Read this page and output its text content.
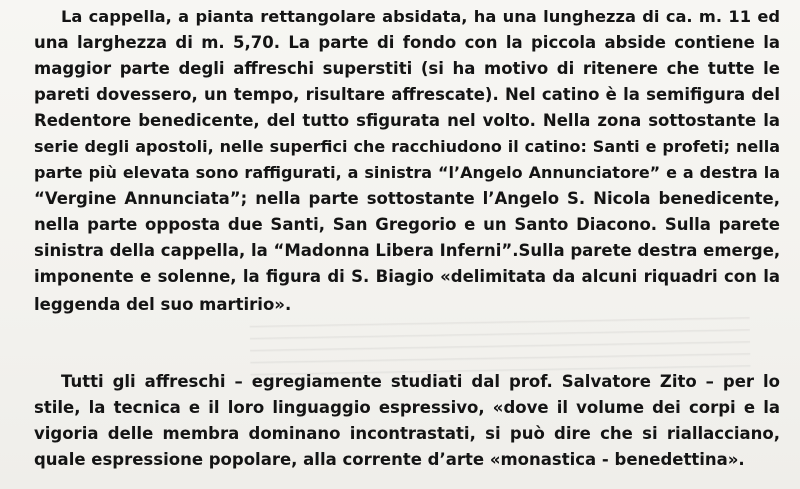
La cappella, a pianta rettangolare absidata, ha una lunghezza di ca. m. 11 ed
una larghezza di m. 5,70. La parte di fondo con la piccola abside contiene la
maggior parte degli affreschi superstiti (si ha motivo di ritenere che tutte le
pareti dovessero, un tempo, risultare affrescate). Nel catino è la semifigura del
Redentore benedicente, del tutto sfigurata nel volto. Nella zona sottostante la
serie degli apostoli, nelle superfici che racchiudono il catino: Santi e profeti; nella
parte più elevata sono raffigurati, a sinistra “l’Angelo Annunciatore” e a destra la
“Vergine Annunciata”; nella parte sottostante l’Angelo S. Nicola benedicente,
nella parte opposta due Santi, San Gregorio e un Santo Diacono. Sulla parete
sinistra della cappella, la “Madonna Libera Inferni”.Sulla parete destra emerge,
imponente e solenne, la figura di S. Biagio «delimitata da alcuni riquadri con la
leggenda del suo martirio».
Tutti gli affreschi – egregiamente studiati dal prof. Salvatore Zito – per lo
stile, la tecnica e il loro linguaggio espressivo, «dove il volume dei corpi e la
vigoria delle membra dominano incontrastati, si può dire che si riallacciano,
quale espressione popolare, alla corrente d’arte «monastica - benedettina».
